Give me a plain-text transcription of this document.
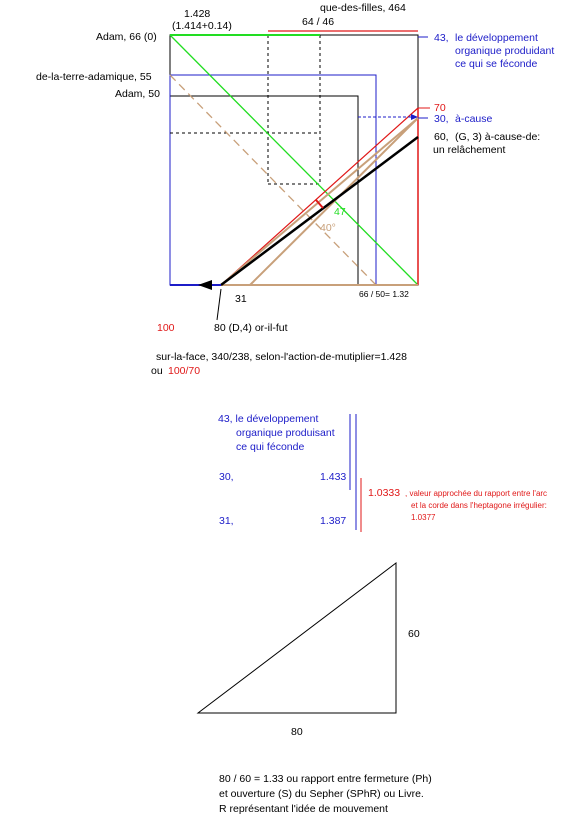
Adam, 66 (0)
1.428
(1.414+0.14)
que-des-filles, 464
64 / 46
de-la-terre-adamique, 55
Adam, 50
43, le développement
organique produidant
ce qui se féconde
70
30, à-cause
60, (G, 3) à-cause-de:
un relâchement
47
40°
31	66 / 50= 1.32
100	80 (D,4) or-il-fut
sur-la-face, 340/238, selon-l'action-de-mutiplier=1.428
ou 100/70
43, le développement
organique produisant
ce qui féconde
30,	1.433
31,	1.387
1.0333 , valeur approchée du rapport entre l'arc
et la corde dans l'heptagone irrégulier:
1.0377
60
80
80 / 60 = 1.33 ou rapport entre fermeture (Ph)
et ouverture (S) du Sepher (SPhR) ou Livre.
R représentant l'idée de mouvement
